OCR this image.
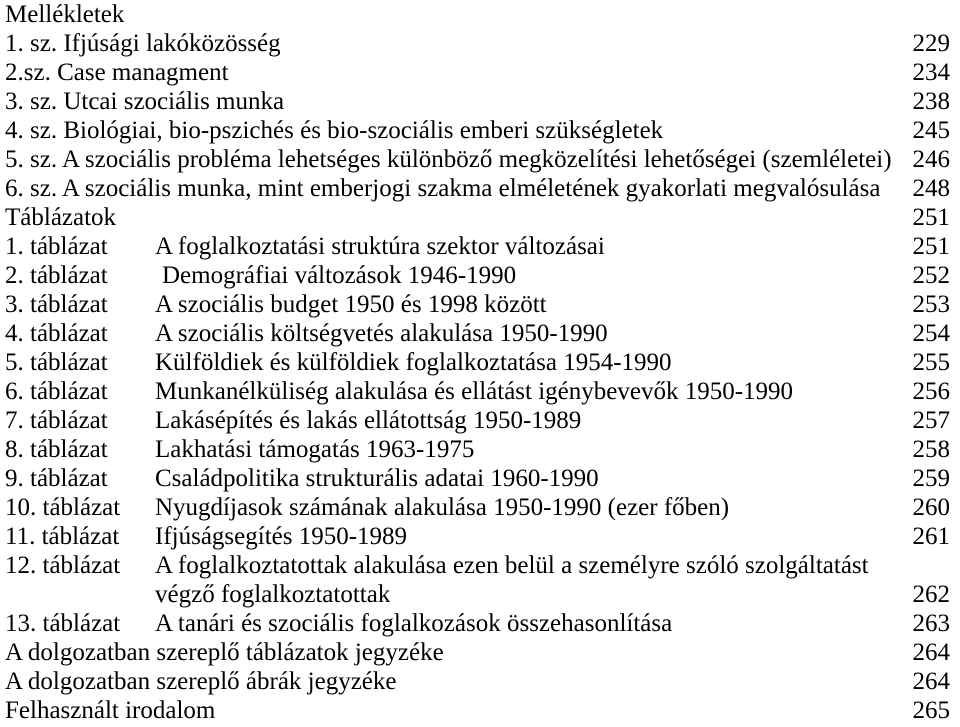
Mellékletek
1. sz. Ifjúsági lakóközösség	229
2.sz. Case managment	234
3. sz. Utcai szociális munka	238
4. sz. Biológiai, bio-pszichés és bio-szociális emberi szükségletek	245
5. sz. A szociális probléma lehetséges különböző megközelítési lehetőségei (szemléletei) 246
6. sz. A szociális munka, mint emberjogi szakma elméletének gyakorlati megvalósulása	248
Táblázatok	251
1. táblázat	A foglalkoztatási struktúra szektor változásai	251
2. táblázat	Demográfiai változások 1946-1990	252
3. táblázat	A szociális budget 1950 és 1998 között	253
4. táblázat	A szociális költségvetés alakulása 1950-1990	254
5. táblázat	Külföldiek és külföldiek foglalkoztatása 1954-1990	255
6. táblázat	Munkanélküliség alakulása és ellátást igénybevevők 1950-1990	256
7. táblázat	Lakásépítés és lakás ellátottság 1950-1989	257
8. táblázat	Lakhatási támogatás 1963-1975	258
9. táblázat	Családpolitika strukturális adatai 1960-1990	259
10. táblázat	Nyugdíjasok számának alakulása 1950-1990 (ezer főben)	260
11. táblázat	Ifjúságsegítés 1950-1989	261
12. táblázat	A foglalkoztatottak alakulása ezen belül a személyre szóló szolgáltatást
végző foglalkoztatottak	262
13. táblázat	A tanári és szociális foglalkozások összehasonlítása	263
A dolgozatban szereplő táblázatok jegyzéke	264
A dolgozatban szereplő ábrák jegyzéke	264
Felhasznált irodalom	265
